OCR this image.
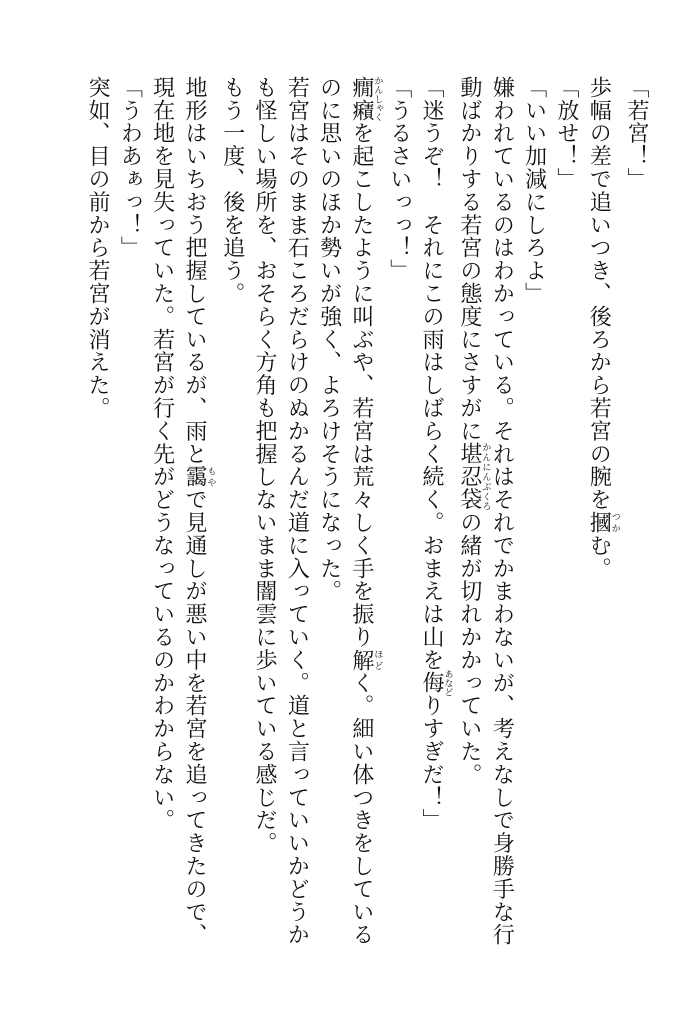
「若宮！」

歩幅の差で追いつき、後ろから若宮の腕を摑つかむ。

「放せ！」

「いい加減にしろよ」

嫌われているのはわかっている。それはそれでかまわないが、考えなしで身勝手な行動ばかりする若宮の態度にさすがに堪忍袋かんにんぶくろの緒が切れかかっていた。

「迷うぞ！　それにこの雨はしばらく続く。おまえは山を侮あなどりすぎだ！」

「うるさいっっ！」

癇癪かんしゃくを起こしたように叫ぶや、若宮は荒々しく手を振り解ほどく。細い体つきをしているのに思いのほか勢いが強く、よろけそうになった。

若宮はそのまま石ころだらけのぬかるんだ道に入っていく。道と言っていいかどうかも怪しい場所を、おそらく方角も把握しないまま闇雲に歩いている感じだ。

もう一度、後を追う。

地形はいちおう把握しているが、雨と靄もやで見通しが悪い中を若宮を追ってきたので、現在地を見失っていた。若宮が行く先がどうなっているのかわからない。

「うわあぁっ！」

突如、目の前から若宮が消えた。
